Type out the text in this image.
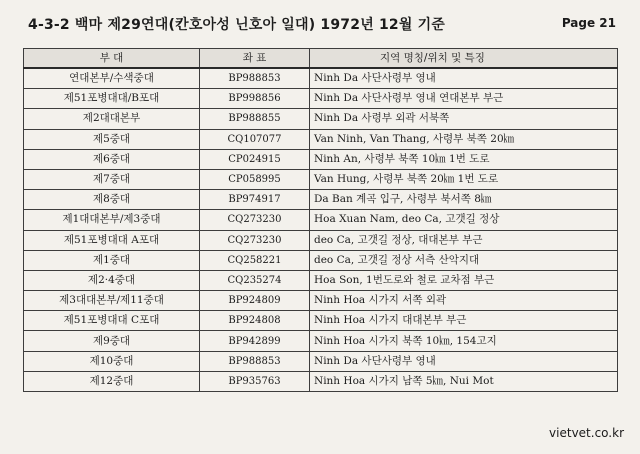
4-3-2 백마 제29연대(칸호아성 닌호아 일대) 1972년 12월 기준	Page 21
부 대	좌 표	지역 명칭/위치 및 특징
연대본부/수색중대	BP988853	Ninh Da 사단사령부 영내
제51포병대대/B포대	BP998856	Ninh Da 사단사령부 영내 연대본부 부근
제2대대본부	BP988855	Ninh Da 사령부 외곽 서북쪽
제5중대	CQ107077	Van Ninh, Van Thang, 사령부 북쪽 20㎞
제6중대	CP024915	Ninh An, 사령부 북쪽 10㎞ 1번 도로
제7중대	CP058995	Van Hung, 사령부 북쪽 20㎞ 1번 도로
제8중대	BP974917	Da Ban 계곡 입구, 사령부 북서쪽 8㎞
제1대대본부/제3중대	CQ273230	Hoa Xuan Nam, deo Ca, 고갯길 정상
제51포병대대 A포대	CQ273230	deo Ca, 고갯길 정상, 대대본부 부근
제1중대	CQ258221	deo Ca, 고갯길 정상 서측 산악지대
제2·4중대	CQ235274	Hoa Son, 1번도로와 철로 교차점 부근
제3대대본부/제11중대	BP924809	Ninh Hoa 시가지 서쪽 외곽
제51포병대대 C포대	BP924808	Ninh Hoa 시가지 대대본부 부근
제9중대	BP942899	Ninh Hoa 시가지 북쪽 10㎞, 154고지
제10중대	BP988853	Ninh Da 사단사령부 영내
제12중대	BP935763	Ninh Hoa 시가지 남쪽 5㎞, Nui Mot
vietvet.co.kr
